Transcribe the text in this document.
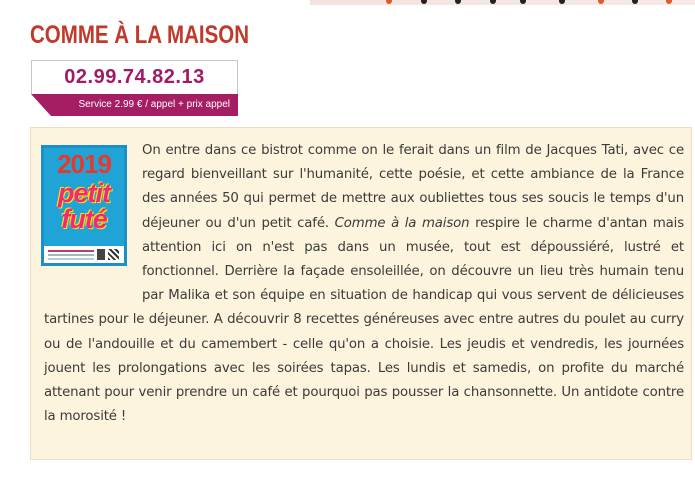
COMME À LA MAISON
02.99.74.82.13
Service 2.99 € / appel + prix appel
2019
petit
futé
On entre dans ce bistrot comme on le ferait dans un film de Jacques Tati, avec ce regard bienveillant sur l'humanité, cette poésie, et cette ambiance de la France des années 50 qui permet de mettre aux oubliettes tous ses soucis le temps d'un déjeuner ou d'un petit café. Comme à la maison respire le charme d'antan mais attention ici on n'est pas dans un musée, tout est dépoussiéré, lustré et fonctionnel. Derrière la façade ensoleillée, on découvre un lieu très humain tenu par Malika et son équipe en situation de handicap qui vous servent de délicieuses tartines pour le déjeuner. A découvrir 8 recettes généreuses avec entre autres du poulet au curry ou de l'andouille et du camembert - celle qu'on a choisie. Les jeudis et vendredis, les journées jouent les prolongations avec les soirées tapas. Les lundis et samedis, on profite du marché attenant pour venir prendre un café et pourquoi pas pousser la chansonnette. Un antidote contre la morosité !
